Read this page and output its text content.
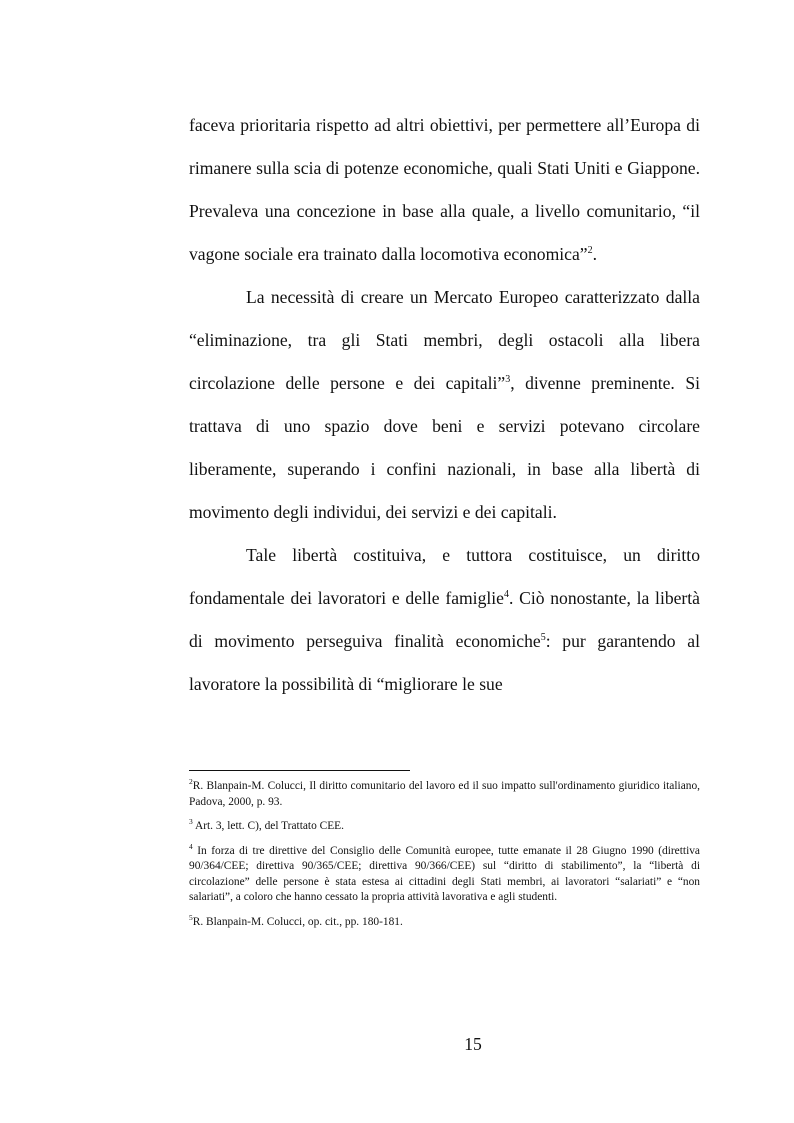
faceva prioritaria rispetto ad altri obiettivi, per permettere all’Europa di rimanere sulla scia di potenze economiche, quali Stati Uniti e Giappone. Prevaleva una concezione in base alla quale, a livello comunitario, “il vagone sociale era trainato dalla locomotiva economica”$^2$.

La necessità di creare un Mercato Europeo caratterizzato dalla “eliminazione, tra gli Stati membri, degli ostacoli alla libera circolazione delle persone e dei capitali”$^3$, divenne preminente. Si trattava di uno spazio dove beni e servizi potevano circolare liberamente, superando i confini nazionali, in base alla libertà di movimento degli individui, dei servizi e dei capitali.

Tale libertà costituiva, e tuttora costituisce, un diritto fondamentale dei lavoratori e delle famiglie$^4$. Ciò nonostante, la libertà di movimento perseguiva finalità economiche$^5$: pur garantendo al lavoratore la possibilità di “migliorare le sue

$^2$R. Blanpain-M. Colucci, Il diritto comunitario del lavoro ed il suo impatto sull'ordinamento giuridico italiano, Padova, 2000, p. 93.

$^3$ Art. 3, lett. C), del Trattato CEE.

$^4$ In forza di tre direttive del Consiglio delle Comunità europee, tutte emanate il 28 Giugno 1990 (direttiva 90/364/CEE; direttiva 90/365/CEE; direttiva 90/366/CEE) sul “diritto di stabilimento”, la “libertà di circolazione” delle persone è stata estesa ai cittadini degli Stati membri, ai lavoratori “salariati” e “non salariati”, a coloro che hanno cessato la propria attività lavorativa e agli studenti.

$^5$R. Blanpain-M. Colucci, op. cit., pp. 180-181.

15
